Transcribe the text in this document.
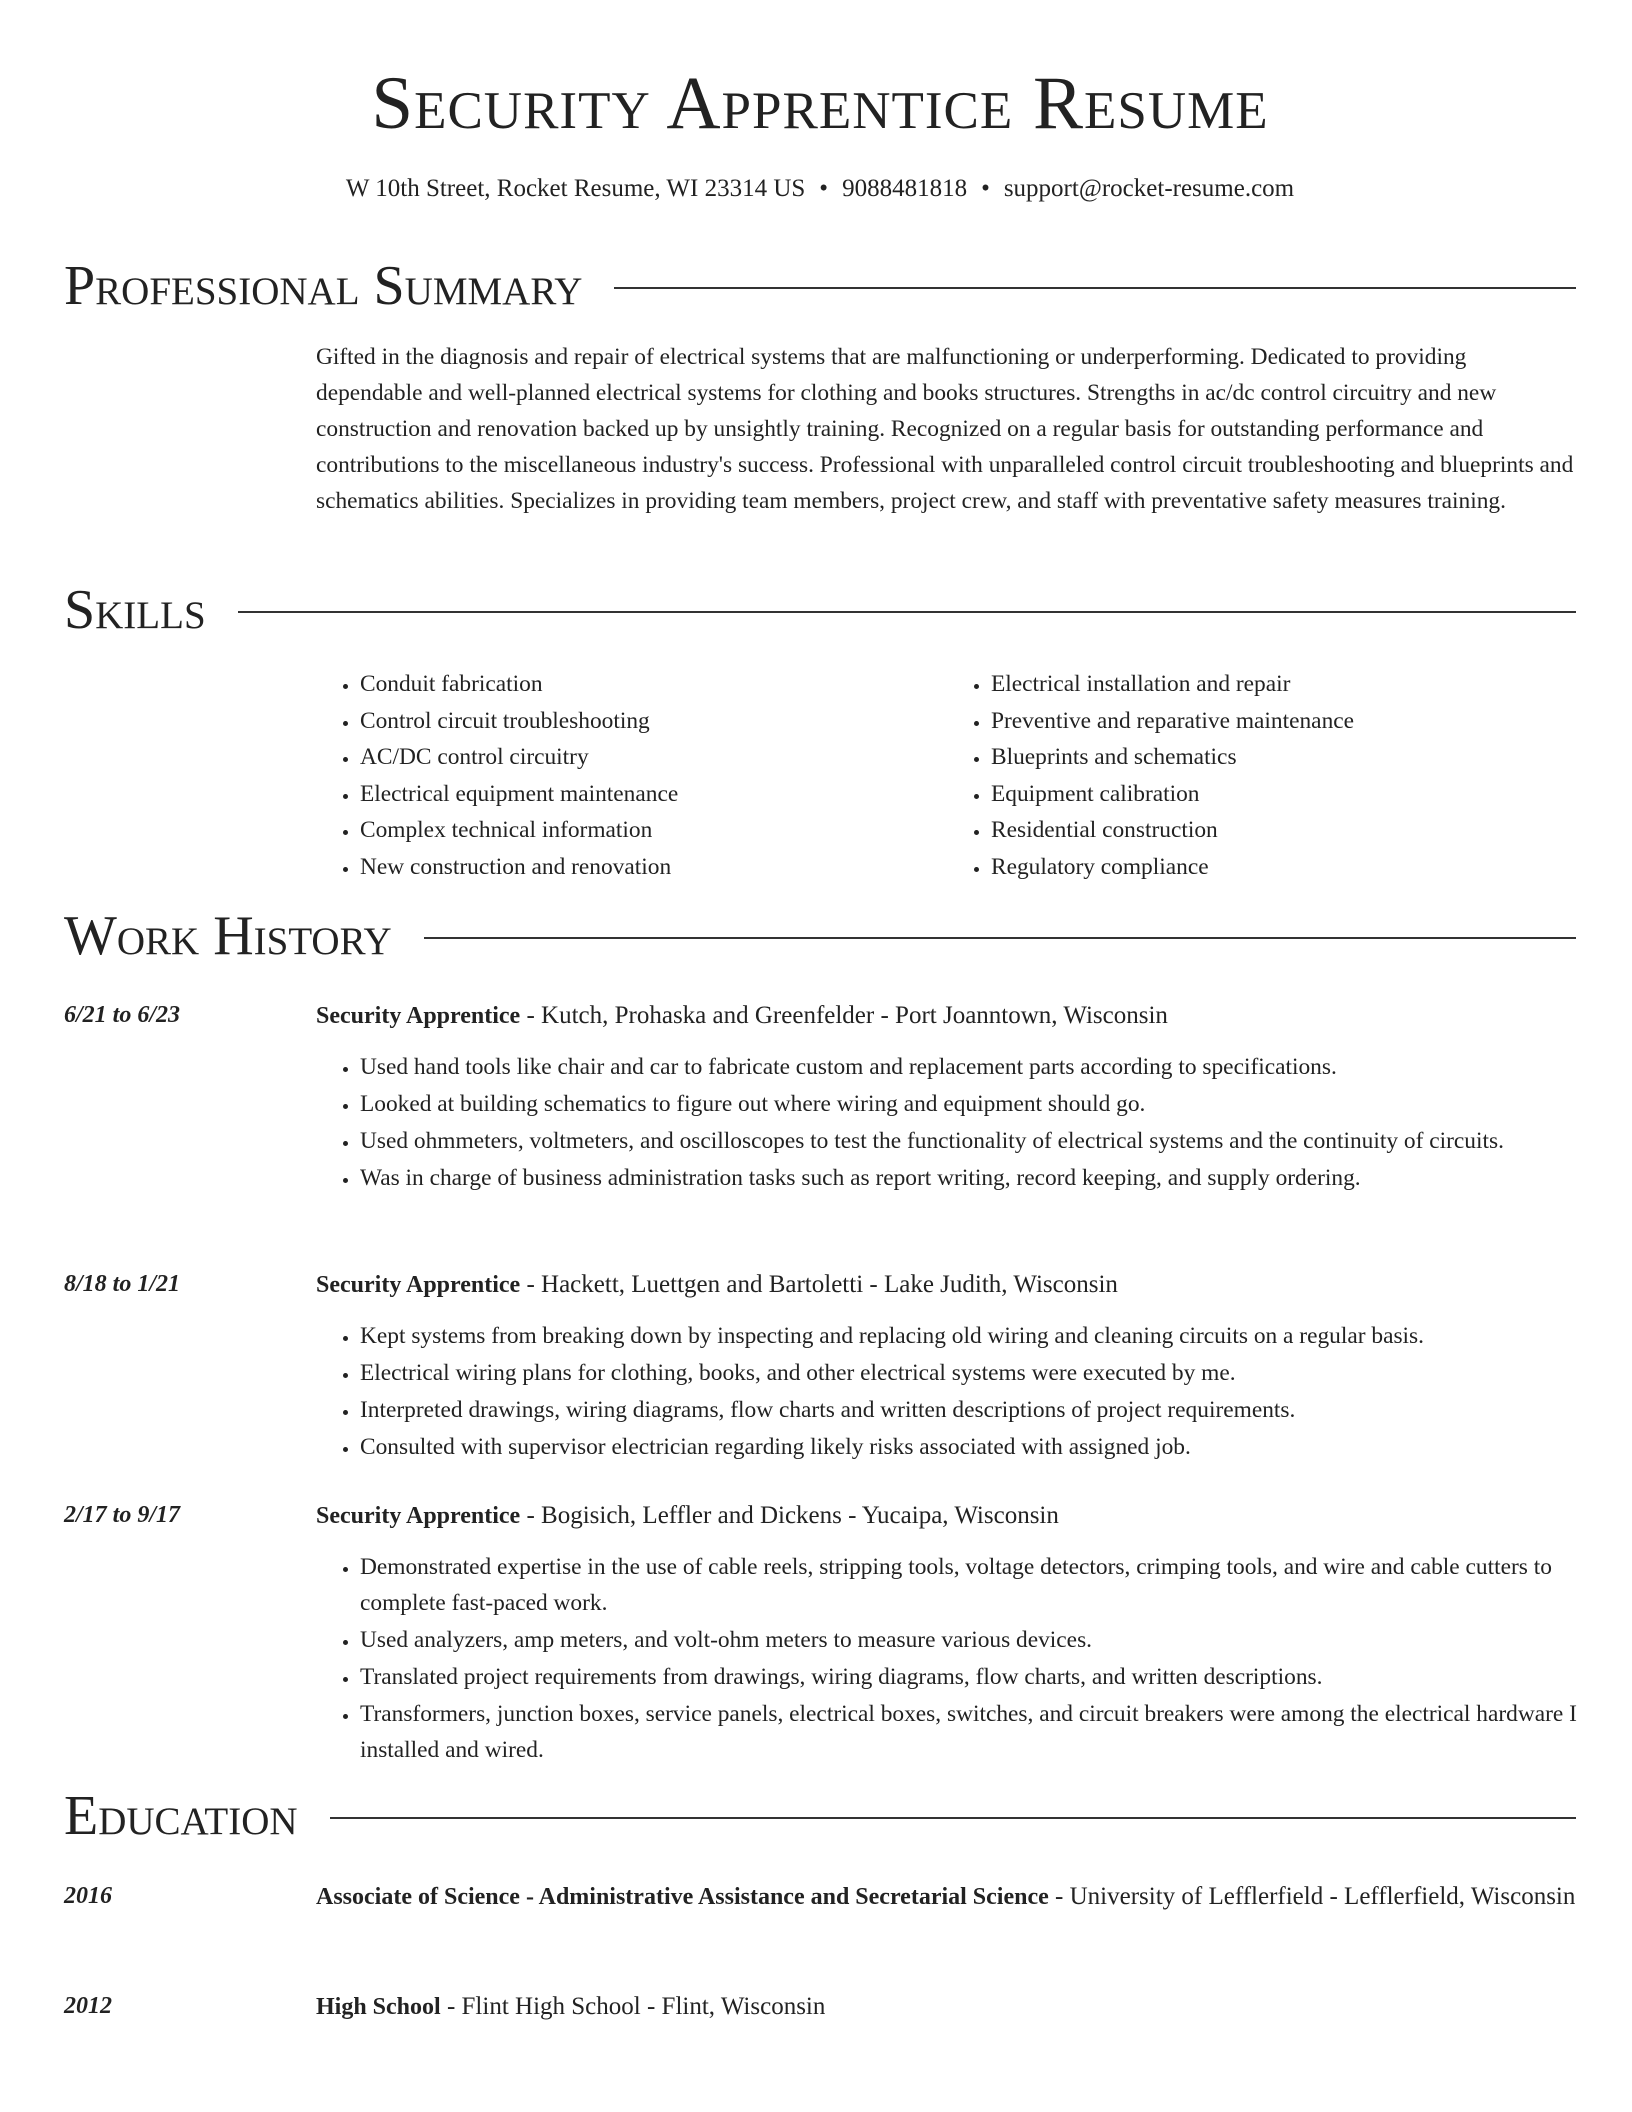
Security Apprentice Resume
W 10th Street, Rocket Resume, WI 23314 US • 9088481818 • support@rocket-resume.com
Professional Summary

Gifted in the diagnosis and repair of electrical systems that are malfunctioning or underperforming. Dedicated to providing dependable and well-planned electrical systems for clothing and books structures. Strengths in ac/dc control circuitry and new construction and renovation backed up by unsightly training. Recognized on a regular basis for outstanding performance and contributions to the miscellaneous industry's success. Professional with unparalleled control circuit troubleshooting and blueprints and schematics abilities. Specializes in providing team members, project crew, and staff with preventative safety measures training.

Skills
• Conduit fabrication
• Control circuit troubleshooting
• AC/DC control circuitry
• Electrical equipment maintenance
• Complex technical information
• New construction and renovation
• Electrical installation and repair
• Preventive and reparative maintenance
• Blueprints and schematics
• Equipment calibration
• Residential construction
• Regulatory compliance
Work History
6/21 to 6/23	Security Apprentice - Kutch, Prohaska and Greenfelder - Port Joanntown, Wisconsin
• Used hand tools like chair and car to fabricate custom and replacement parts according to specifications.
• Looked at building schematics to figure out where wiring and equipment should go.
• Used ohmmeters, voltmeters, and oscilloscopes to test the functionality of electrical systems and the continuity of circuits.
• Was in charge of business administration tasks such as report writing, record keeping, and supply ordering.
8/18 to 1/21	Security Apprentice - Hackett, Luettgen and Bartoletti - Lake Judith, Wisconsin
• Kept systems from breaking down by inspecting and replacing old wiring and cleaning circuits on a regular basis.
• Electrical wiring plans for clothing, books, and other electrical systems were executed by me.
• Interpreted drawings, wiring diagrams, flow charts and written descriptions of project requirements.
• Consulted with supervisor electrician regarding likely risks associated with assigned job.
2/17 to 9/17	Security Apprentice - Bogisich, Leffler and Dickens - Yucaipa, Wisconsin
• Demonstrated expertise in the use of cable reels, stripping tools, voltage detectors, crimping tools, and wire and cable cutters to complete fast-paced work.
• Used analyzers, amp meters, and volt-ohm meters to measure various devices.
• Translated project requirements from drawings, wiring diagrams, flow charts, and written descriptions.
• Transformers, junction boxes, service panels, electrical boxes, switches, and circuit breakers were among the electrical hardware I installed and wired.
Education
2016	Associate of Science - Administrative Assistance and Secretarial Science - University of Lefflerfield - Lefflerfield, Wisconsin
2012	High School - Flint High School - Flint, Wisconsin
